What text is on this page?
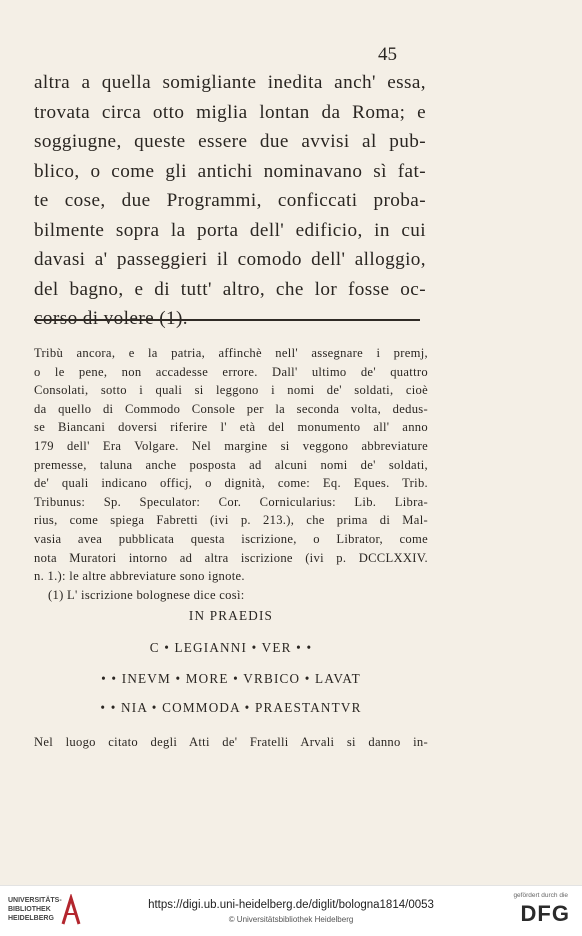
45
altra a quella somigliante inedita anch' essa,
trovata circa otto miglia lontan da Roma; e
soggiugne, queste essere due avvisi al pub-
blico, o come gli antichi nominavano sì fat-
te cose, due Programmi, conficcati proba-
bilmente sopra la porta dell' edificio, in cui
davasi a' passeggieri il comodo dell' alloggio,
del bagno, e di tutt' altro, che lor fosse oc-
corso di volere (1).
Tribù ancora, e la patria, affinchè nell' assegnare i premj,
o le pene, non accadesse errore. Dall' ultimo de' quattro
Consolati, sotto i quali si leggono i nomi de' soldati, cioè
da quello di Commodo Console per la seconda volta, dedus-
se Biancani doversi riferire l' età del monumento all' anno
179 dell' Era Volgare. Nel margine si veggono abbreviature
premesse, taluna anche posposta ad alcuni nomi de' soldati,
de' quali indicano officj, o dignità, come: Eq. Eques. Trib.
Tribunus: Sp. Speculator: Cor. Cornicularius: Lib. Libra-
rius, come spiega Fabretti (ivi p. 213.), che prima di Mal-
vasia avea pubblicata questa iscrizione, o Librator, come
nota Muratori intorno ad altra iscrizione (ivi p. DCCLXXIV.
n. 1.): le altre abbreviature sono ignote.
(1) L' iscrizione bolognese dice così:
IN PRAEDIS
C • LEGIANNI • VER • •
• • INEVM • MORE • VRBICO • LAVAT
• • NIA • COMMODA • PRAESTANTVR
Nel luogo citato degli Atti de' Fratelli Arvali si danno in-
UNIVERSITÄTS-
BIBLIOTHEK
HEIDELBERG
https://digi.ub.uni-heidelberg.de/diglit/bologna1814/0053
© Universitätsbibliothek Heidelberg
gefördert durch die
DFG
